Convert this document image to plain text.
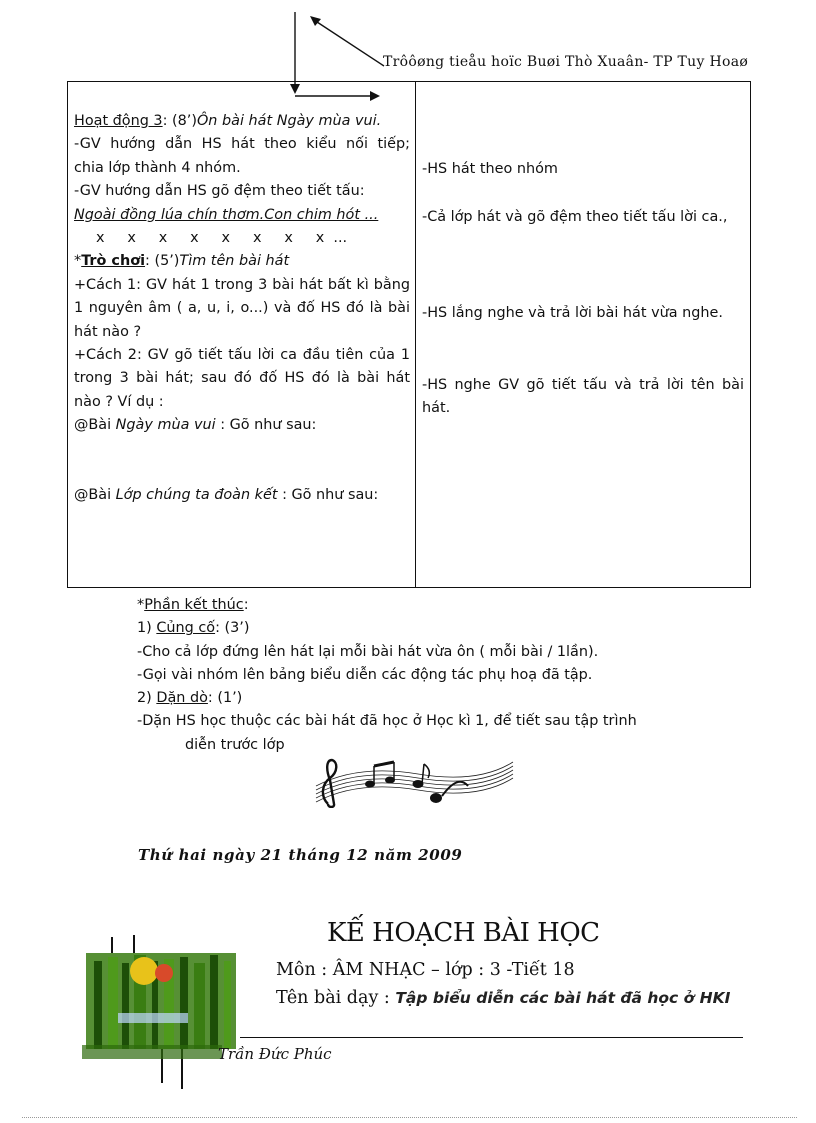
Trôôøng tieåu hoïc Buøi Thò Xuaân- TP Tuy Hoaø
Hoạt động 3: (8’)Ôn bài hát Ngày mùa vui.
-GV hướng dẫn HS hát theo kiểu nối tiếp;
chia lớp thành 4 nhóm.
-GV hướng dẫn HS gõ đệm theo tiết tấu:
Ngoài đồng lúa chín thơm.Con chim hót ...
x     x     x     x     x     x     x     x  ...
*Trò chơi: (5’)Tìm tên bài hát
+Cách 1: GV hát 1 trong 3 bài hát bất kì bằng
1 nguyên âm ( a, u, i, o...) và đố HS đó là bài
hát nào ?
+Cách 2: GV gõ tiết tấu lời ca đầu tiên của 1
trong 3 bài hát; sau đó đố HS đó là bài hát
nào ? Ví dụ :
@Bài Ngày mùa vui : Gõ như sau:
@Bài Lớp chúng ta đoàn kết : Gõ như sau:
-HS hát theo nhóm
-Cả lớp hát và gõ đệm theo tiết tấu lời ca.,
-HS lắng nghe và trả lời bài hát vừa nghe.
-HS nghe GV gõ tiết tấu và trả lời tên bài
hát.
*Phần kết thúc:
1) Củng cố: (3’)
-Cho cả lớp đứng lên hát lại mỗi bài hát vừa ôn ( mỗi bài / 1lần).
-Gọi vài nhóm lên bảng biểu diễn các động tác phụ hoạ đã tập.
2) Dặn dò: (1’)
-Dặn HS học thuộc các bài hát đã học ở Học kì 1, để tiết sau tập trình
diễn trước lớp
Thứ hai ngày 21 tháng 12 năm 2009
KẾ HOẠCH BÀI HỌC
Môn : ÂM NHẠC – lớp : 3 -Tiết 18
Tên bài dạy : Tập biểu diễn các bài hát đã học ở HKI
Trần Đức Phúc
